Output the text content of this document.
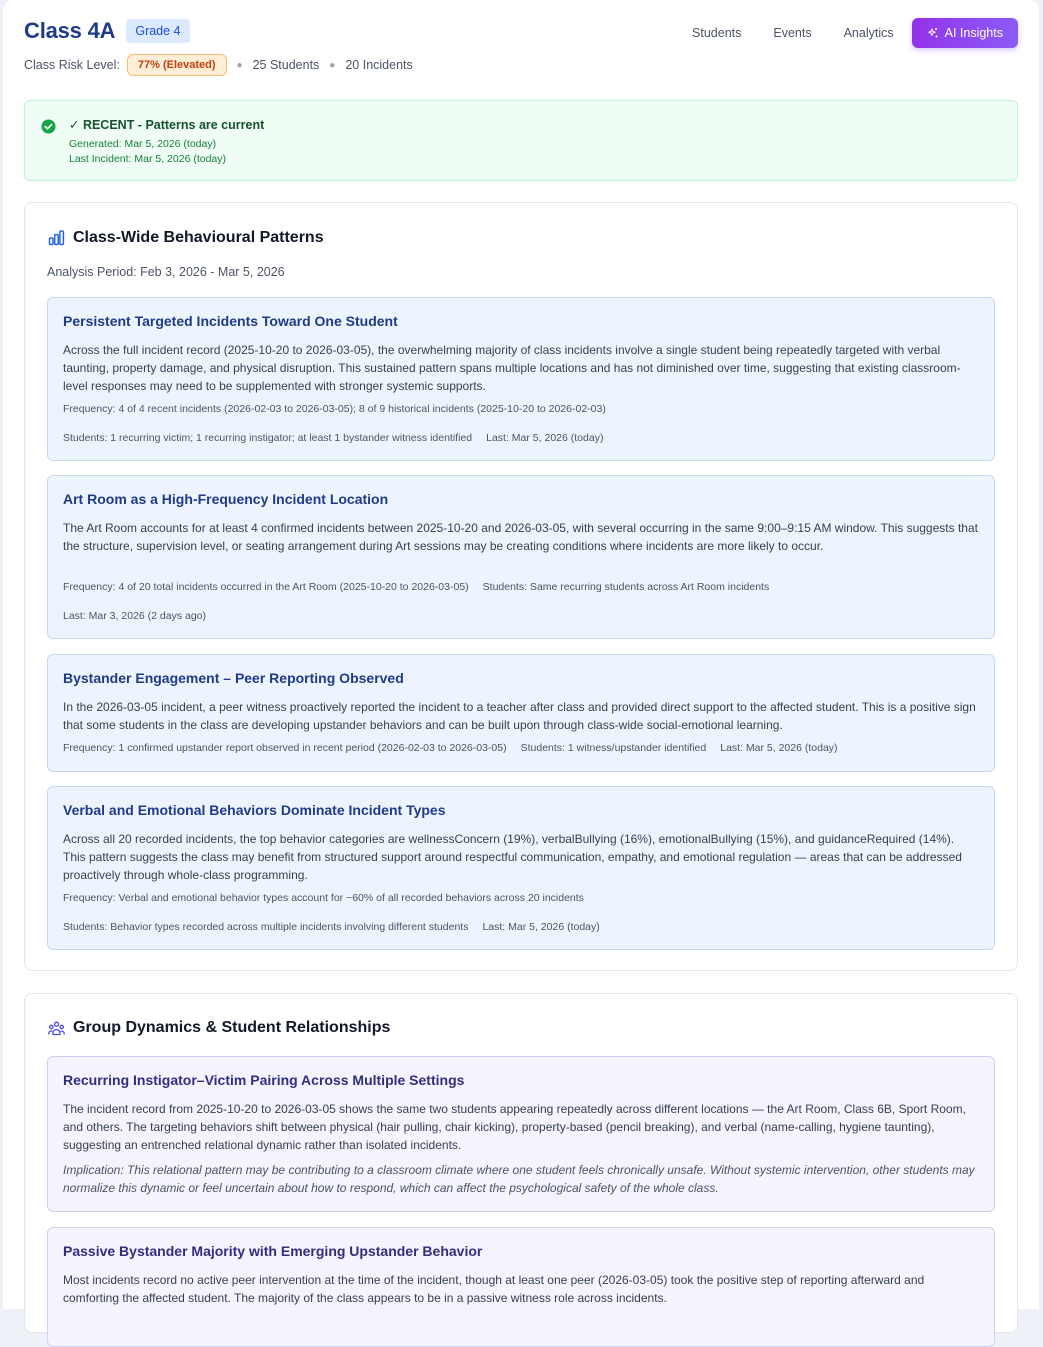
Class 4A	Grade 4
Class Risk Level:	77% (Elevated)	● 25 Students ● 20 Incidents
Students	Events	Analytics	AI Insights
✓ RECENT - Patterns are current
Generated: Mar 5, 2026 (today)
Last Incident: Mar 5, 2026 (today)
Class-Wide Behavioural Patterns
Analysis Period: Feb 3, 2026 - Mar 5, 2026
Persistent Targeted Incidents Toward One Student
Across the full incident record (2025-10-20 to 2026-03-05), the overwhelming majority of class incidents involve a single student being repeatedly targeted with verbal taunting, property damage, and physical disruption. This sustained pattern spans multiple locations and has not diminished over time, suggesting that existing classroom-level responses may need to be supplemented with stronger systemic supports.
Frequency: 4 of 4 recent incidents (2026-02-03 to 2026-03-05); 8 of 9 historical incidents (2025-10-20 to 2026-02-03)
Students: 1 recurring victim; 1 recurring instigator; at least 1 bystander witness identified Last: Mar 5, 2026 (today)
Art Room as a High-Frequency Incident Location
The Art Room accounts for at least 4 confirmed incidents between 2025-10-20 and 2026-03-05, with several occurring in the same 9:00–9:15 AM window. This suggests that the structure, supervision level, or seating arrangement during Art sessions may be creating conditions where incidents are more likely to occur.
Frequency: 4 of 20 total incidents occurred in the Art Room (2025-10-20 to 2026-03-05) Students: Same recurring students across Art Room incidents
Last: Mar 3, 2026 (2 days ago)
Bystander Engagement – Peer Reporting Observed
In the 2026-03-05 incident, a peer witness proactively reported the incident to a teacher after class and provided direct support to the affected student. This is a positive sign that some students in the class are developing upstander behaviors and can be built upon through class-wide social-emotional learning.
Frequency: 1 confirmed upstander report observed in recent period (2026-02-03 to 2026-03-05) Students: 1 witness/upstander identified Last: Mar 5, 2026 (today)
Verbal and Emotional Behaviors Dominate Incident Types
Across all 20 recorded incidents, the top behavior categories are wellnessConcern (19%), verbalBullying (16%), emotionalBullying (15%), and guidanceRequired (14%). This pattern suggests the class may benefit from structured support around respectful communication, empathy, and emotional regulation — areas that can be addressed proactively through whole-class programming.
Frequency: Verbal and emotional behavior types account for ~60% of all recorded behaviors across 20 incidents
Students: Behavior types recorded across multiple incidents involving different students Last: Mar 5, 2026 (today)
Group Dynamics & Student Relationships
Recurring Instigator–Victim Pairing Across Multiple Settings
The incident record from 2025-10-20 to 2026-03-05 shows the same two students appearing repeatedly across different locations — the Art Room, Class 6B, Sport Room, and others. The targeting behaviors shift between physical (hair pulling, chair kicking), property-based (pencil breaking), and verbal (name-calling, hygiene taunting), suggesting an entrenched relational dynamic rather than isolated incidents.
Implication: This relational pattern may be contributing to a classroom climate where one student feels chronically unsafe. Without systemic intervention, other students may normalize this dynamic or feel uncertain about how to respond, which can affect the psychological safety of the whole class.
Passive Bystander Majority with Emerging Upstander Behavior
Most incidents record no active peer intervention at the time of the incident, though at least one peer (2026-03-05) took the positive step of reporting afterward and comforting the affected student. The majority of the class appears to be in a passive witness role across incidents.
